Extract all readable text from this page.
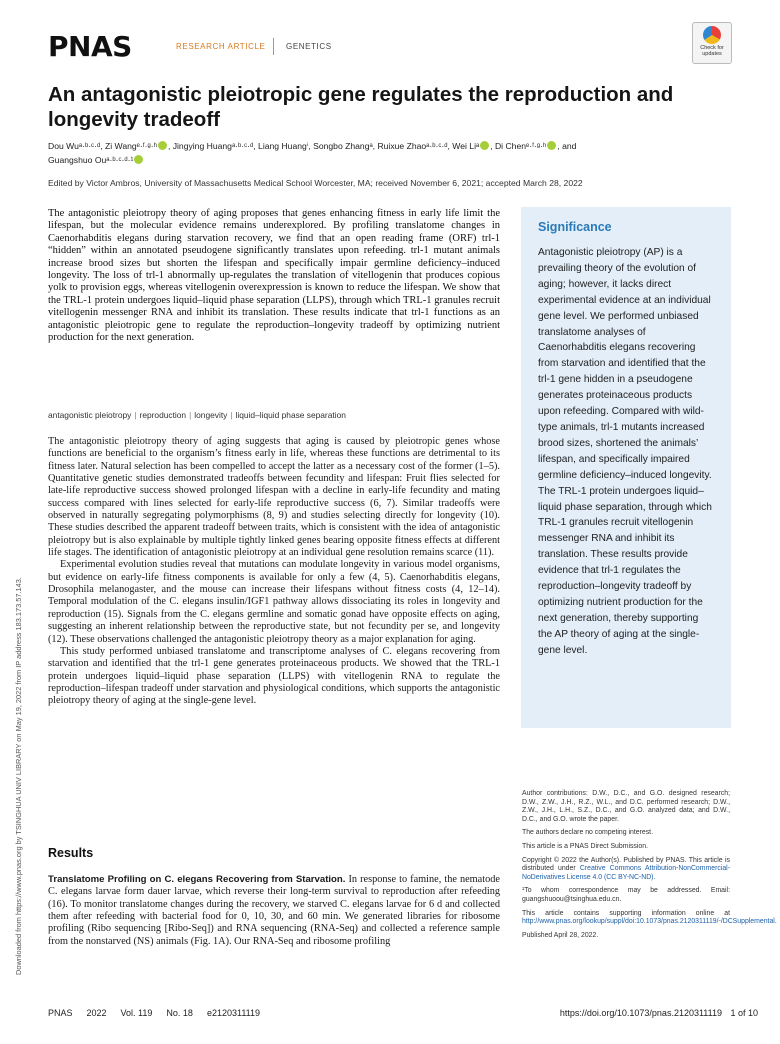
PNAS	RESEARCH ARTICLE	GENETICS	Check for updates
An antagonistic pleiotropic gene regulates the reproduction and longevity tradeoff
Dou Wuᵃ·ᵇ·ᶜ·ᵈ, Zi Wangᵉ·ᶠ·ᵍ·ʰ , Jingying Huangᵃ·ᵇ·ᶜ·ᵈ, Liang Huangⁱ, Songbo Zhangᵃ, Ruixue Zhaoᵃ·ᵇ·ᶜ·ᵈ, Wei Liᵃ , Di Chenᵉ·ᶠ·ᵍ·ʰ , and
Guangshuo Ouᵃ·ᵇ·ᶜ·ᵈ·¹
Edited by Victor Ambros, University of Massachusetts Medical School Worcester, MA; received November 6, 2021; accepted March 28, 2022
The antagonistic pleiotropy theory of aging proposes that genes enhancing fitness in early life limit the lifespan, but the molecular evidence remains underexplored. By profiling translatome changes in Caenorhabditis elegans during starvation recovery, we find that an open reading frame (ORF) trl-1 “hidden” within an annotated pseudogene significantly translates upon refeeding. trl-1 mutant animals increase brood sizes but shorten the lifespan and specifically impair germline deficiency–induced longevity. The loss of trl-1 abnormally up-regulates the translation of vitellogenin that produces copious yolk to provision eggs, whereas vitellogenin overexpression is known to reduce the lifespan. We show that the TRL-1 protein undergoes liquid–liquid phase separation (LLPS), through which TRL-1 granules recruit vitellogenin messenger RNA and inhibit its translation. These results indicate that trl-1 functions as an antagonistic pleiotropic gene to regulate the reproduction–longevity tradeoff by optimizing nutrient production for the next generation.
antagonistic pleiotropy | reproduction | longevity | liquid–liquid phase separation
Significance
Antagonistic pleiotropy (AP) is a prevailing theory of the evolution of aging; however, it lacks direct experimental evidence at an individual gene level. We performed unbiased translatome analyses of Caenorhabditis elegans recovering from starvation and identified that the trl-1 gene hidden in a pseudogene generates proteinaceous products upon refeeding. Compared with wild-type animals, trl-1 mutants increased brood sizes, shortened the animals’ lifespan, and specifically impaired germline deficiency–induced longevity. The TRL-1 protein undergoes liquid–liquid phase separation, through which TRL-1 granules recruit vitellogenin messenger RNA and inhibit its translation. These results provide evidence that trl-1 regulates the reproduction–longevity tradeoff by optimizing nutrient production for the next generation, thereby supporting the AP theory of aging at the single-gene level.

The antagonistic pleiotropy theory of aging suggests that aging is caused by pleiotropic genes whose functions are beneficial to the organism’s fitness early in life, whereas these functions are detrimental to its fitness later. Natural selection has been compelled to accept the latter as a necessary cost of the former (1–5). Quantitative genetic studies demonstrated tradeoffs between fecundity and lifespan: Fruit flies selected for late-life reproductive success showed prolonged lifespan with a decline in early-life fecundity and mating success compared with lines selected for early-life reproductive success (6, 7). Similar tradeoffs were observed in naturally segregating polymorphisms (8, 9) and studies selecting directly for longevity (10). These studies described the apparent tradeoff between traits, which is consistent with the idea of antagonistic pleiotropy but is also explainable by multiple tightly linked genes bearing opposite fitness effects at different life stages. The identification of antagonistic pleiotropy at an individual gene resolution remains scarce (11).

Experimental evolution studies reveal that mutations can modulate longevity in various model organisms, but evidence on early-life fitness components is available for only a few (4, 5). Caenorhabditis elegans, Drosophila melanogaster, and the mouse can increase their lifespans without fitness costs (4, 12–14). Temporal modulation of the C. elegans insulin/IGF1 pathway allows dissociating its roles in longevity and reproduction (15). Signals from the C. elegans germline and somatic gonad have opposite effects on aging, suggesting an inherent relationship between the reproductive state, but not fecundity per se, and longevity (12). These observations challenged the antagonistic pleiotropy theory as a major explanation for aging.

This study performed unbiased translatome and transcriptome analyses of C. elegans recovering from starvation and identified that the trl-1 gene generates proteinaceous products. We showed that the TRL-1 protein undergoes liquid–liquid phase separation (LLPS) with vitellogenin RNA to regulate the reproduction–lifespan tradeoff under starvation and physiological conditions, which supports the antagonistic pleiotropy theory of aging at the single-gene level.

Results
Translatome Profiling on C. elegans Recovering from Starvation. In response to famine, the nematode C. elegans larvae form dauer larvae, which reverse their long-term survival to reproduction after refeeding (16). To monitor translatome changes during the recovery, we starved C. elegans larvae for 6 d and collected them after refeeding with bacterial food for 0, 10, 30, and 60 min. We generated libraries for ribosome profiling (Ribo sequencing [Ribo-Seq]) and RNA sequencing (RNA-Seq) and collected a reference sample from the nonstarved (NS) animals (Fig. 1A). Our RNA-Seq and ribosome profiling

Author contributions: D.W., D.C., and G.O. designed research; D.W., Z.W., J.H., R.Z., W.L., and D.C. performed research; D.W., Z.W., J.H., L.H., S.Z., D.C., and G.O. analyzed data; and D.W., D.C., and G.O. wrote the paper.

The authors declare no competing interest.

This article is a PNAS Direct Submission.

Copyright © 2022 the Author(s). Published by PNAS. This article is distributed under Creative Commons Attribution-NonCommercial-NoDerivatives License 4.0 (CC BY-NC-ND).

¹To whom correspondence may be addressed. Email: guangshuoou@tsinghua.edu.cn.

This article contains supporting information online at http://www.pnas.org/lookup/suppl/doi:10.1073/pnas.2120311119/-/DCSupplemental.

Published April 28, 2022.

Downloaded from https://www.pnas.org by TSINGHUA UNIV LIBRARY on May 19, 2022 from IP address 183.173.57.143.
PNAS 2022 Vol. 119 No. 18 e2120311119	https://doi.org/10.1073/pnas.2120311119 1 of 10
